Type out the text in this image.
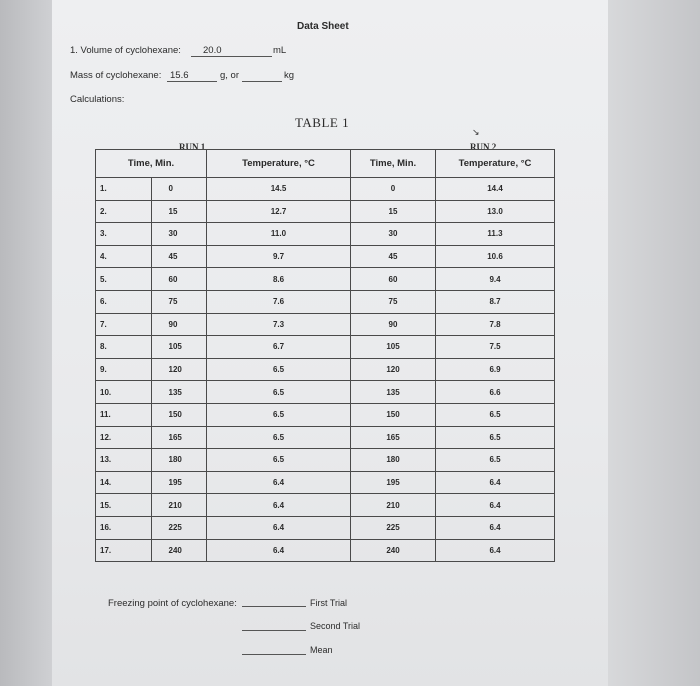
Data Sheet
1. Volume of cyclohexane: 20.0	mL
Mass of cyclohexane: 15.6	g, or	kg
Calculations:
TABLE 1
↘
RUN 1	RUN 2
Time, Min.		Temperature, °C	Time, Min.	Temperature, °C
1.	0	14.5	0	14.4
2.	15	12.7	15	13.0
3.	30	11.0	30	11.3
4.	45	9.7	45	10.6
5.	60	8.6	60	9.4
6.	75	7.6	75	8.7
7.	90	7.3	90	7.8
8.	105	6.7	105	7.5
9.	120	6.5	120	6.9
10.	135	6.5	135	6.6
11.	150	6.5	150	6.5
12.	165	6.5	165	6.5
13.	180	6.5	180	6.5
14.	195	6.4	195	6.4
15.	210	6.4	210	6.4
16.	225	6.4	225	6.4
17.	240	6.4	240	6.4
Freezing point of cyclohexane:	First Trial
Second Trial
Mean
